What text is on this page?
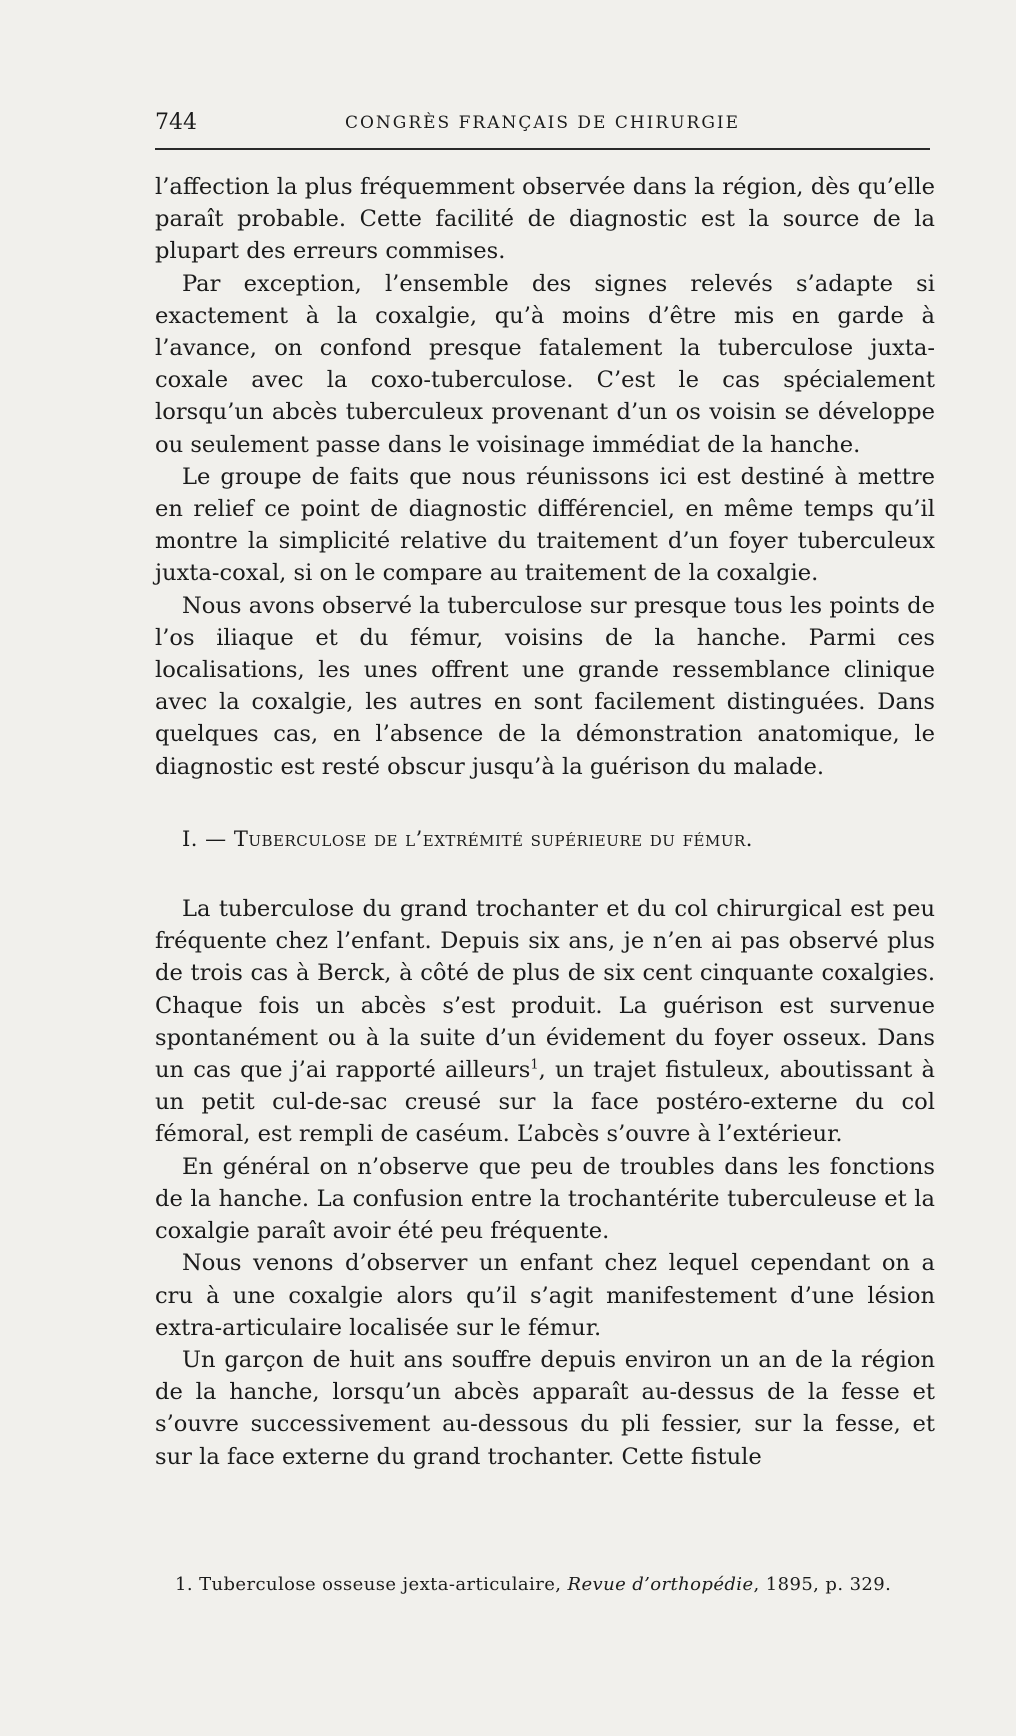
744	CONGRÈS FRANÇAIS DE CHIRURGIE

l’affection la plus fréquemment observée dans la région, dès qu’elle paraît probable. Cette facilité de diagnostic est la source de la plupart des erreurs commises.

Par exception, l’ensemble des signes relevés s’adapte si exactement à la coxalgie, qu’à moins d’être mis en garde à l’avance, on confond presque fatalement la tuberculose juxta-coxale avec la coxo-tuberculose. C’est le cas spécialement lorsqu’un abcès tuberculeux provenant d’un os voisin se développe ou seulement passe dans le voisinage immédiat de la hanche.

Le groupe de faits que nous réunissons ici est destiné à mettre en relief ce point de diagnostic différenciel, en même temps qu’il montre la simplicité relative du traitement d’un foyer tuberculeux juxta-coxal, si on le compare au traitement de la coxalgie.

Nous avons observé la tuberculose sur presque tous les points de l’os iliaque et du fémur, voisins de la hanche. Parmi ces localisations, les unes offrent une grande ressemblance clinique avec la coxalgie, les autres en sont facilement distinguées. Dans quelques cas, en l’absence de la démonstration anatomique, le diagnostic est resté obscur jusqu’à la guérison du malade.

I. — Tuberculose de l’extrémité supérieure du fémur.

La tuberculose du grand trochanter et du col chirurgical est peu fréquente chez l’enfant. Depuis six ans, je n’en ai pas observé plus de trois cas à Berck, à côté de plus de six cent cinquante coxalgies. Chaque fois un abcès s’est produit. La guérison est survenue spontanément ou à la suite d’un évidement du foyer osseux. Dans un cas que j’ai rapporté ailleurs$^1$, un trajet fistuleux, aboutissant à un petit cul-de-sac creusé sur la face postéro-externe du col fémoral, est rempli de caséum. L’abcès s’ouvre à l’extérieur.

En général on n’observe que peu de troubles dans les fonctions de la hanche. La confusion entre la trochantérite tuberculeuse et la coxalgie paraît avoir été peu fréquente.

Nous venons d’observer un enfant chez lequel cependant on a cru à une coxalgie alors qu’il s’agit manifestement d’une lésion extra-articulaire localisée sur le fémur.

Un garçon de huit ans souffre depuis environ un an de la région de la hanche, lorsqu’un abcès apparaît au-dessus de la fesse et s’ouvre successivement au-dessous du pli fessier, sur la fesse, et sur la face externe du grand trochanter. Cette fistule

1. Tuberculose osseuse jexta-articulaire, Revue d’orthopédie, 1895, p. 329.
